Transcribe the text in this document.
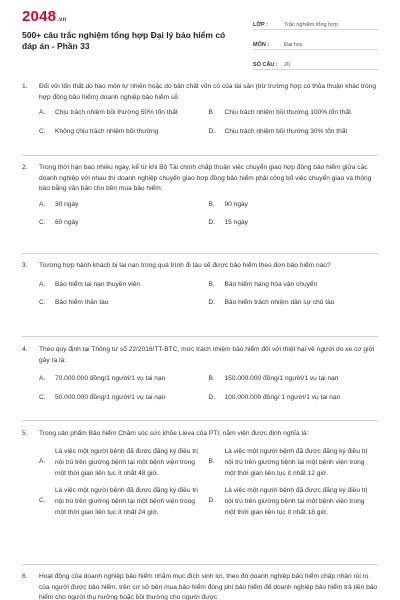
2048.vn
500+ câu trắc nghiệm tổng hợp Đại lý bảo hiểm có đáp án - Phần 33
LỚP :	Trắc nghiệm tổng hợp
MÔN :	Đại học
SỐ CÂU :	20
1. Đối với tổn thất do hao mòn tự nhiên hoặc do bản chất vốn có của tài sản (trừ trường hợp có thỏa thuận khác trong hợp đồng bảo hiểm) doanh nghiệp bảo hiểm sẽ:
A.	Chịu trách nhiệm bồi thường 50% tổn thất	B.	Chịu trách nhiệm bồi thường 100% tổn thất
C.	Không chịu trách nhiệm bồi thường	D.	Chịu trách nhiệm bồi thường 30% tổn thất
2. Trong thời hạn bao nhiêu ngày, kể từ khi Bộ Tài chính chấp thuận việc chuyển giao hợp đồng bảo hiểm giữa các doanh nghiệp với nhau thì doanh nghiệp chuyển giao hợp đồng bảo hiểm phải công bố việc chuyển giao và thông báo bằng văn bản cho bên mua bảo hiểm:
A.	30 ngày	B.	90 ngày
C.	60 ngày	D.	15 ngày
3. Trường hợp hành khách bị tai nạn trong quá trình đi tàu sẽ được bảo hiểm theo đơn bảo hiểm nào?
A.	Bảo hiểm tai nạn thuyền viên	B.	Bảo hiểm hàng hóa vận chuyển
C.	Bảo hiểm thân tàu	D.	Bảo hiểm trách nhiệm dân sự chủ tàu
4. Theo quy định tại Thông tư số 22/2016/TT-BTC, mức trách nhiệm bảo hiểm đối với thiệt hại về người do xe cơ giới gây ra là:
A.	70.000.000 đồng/1 người/1 vụ tai nạn	B.	150.000.000 đồng/1 người/1 vụ tai nạn
C.	50.000.000 đồng/1 người/1 vụ tai nạn	D.	100.000.000 đồng/ 1 người/1 vụ tai nạn
5. Trong sản phẩm Bảo hiểm Chăm sóc sức khỏe Lieva của PTI, nằm viện được định nghĩa là:
A.
Là việc một người bệnh đã được đăng ký điều trị nội trú trên giường bệnh tại một bệnh viện trong một thời gian liên tục ít nhất 48 giờ.
B.
Là việc một người bệnh đã được đăng ký điều trị nội trú trên giường bệnh tại một bệnh viện trong một thời gian liên tục ít nhất 12 giờ.
C.
Là việc một người bệnh đã được đăng ký điều trị nội trú trên giường bệnh tại một bệnh viện trong một thời gian liên tục ít nhất 24 giờ.
D.
Là việc một người bệnh đã được đăng ký điều trị nội trú trên giường bệnh tại một bệnh viện trong một thời gian liên tục ít nhất 18 giờ.
6. Hoạt động của doanh nghiệp bảo hiểm nhằm mục đích sinh lợi, theo đó doanh nghiệp bảo hiểm chấp nhận rủi ro của người được bảo hiểm, trên cơ sở bên mua bảo hiểm đóng phí bảo hiểm để doanh nghiệp bảo hiểm trả tiền bảo hiểm cho người thụ hưởng hoặc bồi thường cho người được
